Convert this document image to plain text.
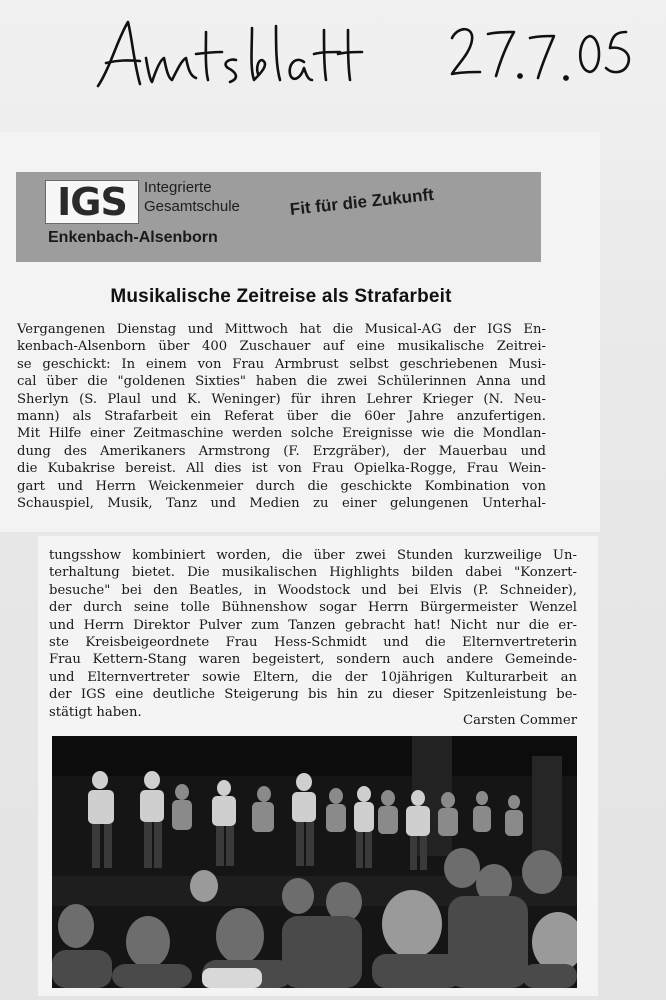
IGS	Integrierte
Gesamtschule
Enkenbach-Alsenborn
Fit für die Zukunft
Musikalische Zeitreise als Strafarbeit
Vergangenen Dienstag und Mittwoch hat die Musical-AG der IGS En-
kenbach-Alsenborn über 400 Zuschauer auf eine musikalische Zeitrei-
se geschickt: In einem von Frau Armbrust selbst geschriebenen Musi-
cal über die "goldenen Sixties" haben die zwei Schülerinnen Anna und
Sherlyn (S. Plaul und K. Weninger) für ihren Lehrer Krieger (N. Neu-
mann) als Strafarbeit ein Referat über die 60er Jahre anzufertigen.
Mit Hilfe einer Zeitmaschine werden solche Ereignisse wie die Mondlan-
dung des Amerikaners Armstrong (F. Erzgräber), der Mauerbau und
die Kubakrise bereist. All dies ist von Frau Opielka-Rogge, Frau Wein-
gart und Herrn Weickenmeier durch die geschickte Kombination von
Schauspiel, Musik, Tanz und Medien zu einer gelungenen Unterhal-
tungsshow kombiniert worden, die über zwei Stunden kurzweilige Un-
terhaltung bietet. Die musikalischen Highlights bilden dabei "Konzert-
besuche" bei den Beatles, in Woodstock und bei Elvis (P. Schneider),
der durch seine tolle Bühnenshow sogar Herrn Bürgermeister Wenzel
und Herrn Direktor Pulver zum Tanzen gebracht hat! Nicht nur die er-
ste Kreisbeigeordnete Frau Hess-Schmidt und die Elternvertreterin
Frau Kettern-Stang waren begeistert, sondern auch andere Gemeinde-
und Elternvertreter sowie Eltern, die der 10jährigen Kulturarbeit an
der IGS eine deutliche Steigerung bis hin zu dieser Spitzenleistung be-
stätigt haben.
Carsten Commer
